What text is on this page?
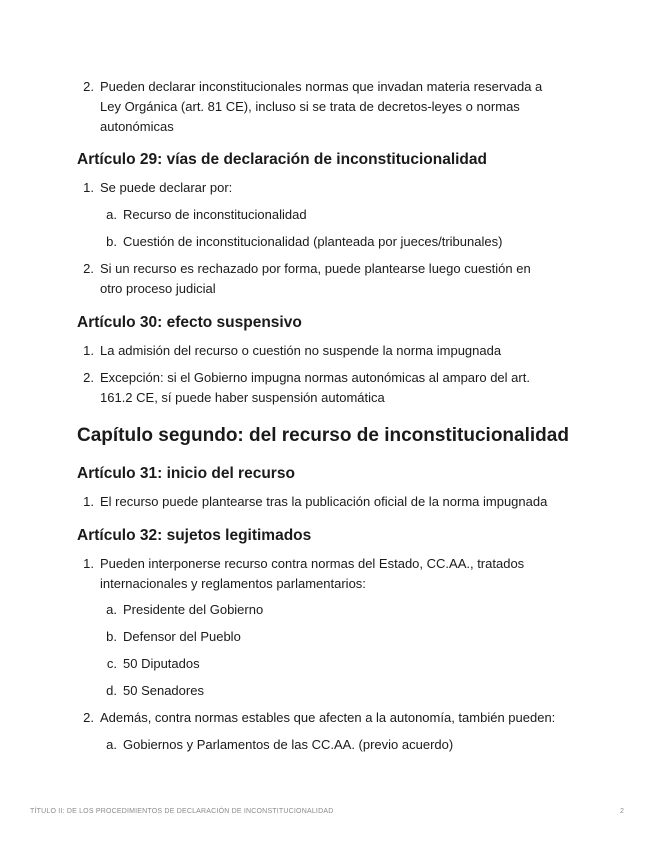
2. Pueden declarar inconstitucionales normas que invadan materia reservada a
Ley Orgánica (art. 81 CE), incluso si se trata de decretos-leyes o normas
autonómicas
Artículo 29: vías de declaración de inconstitucionalidad
1. Se puede declarar por:
a. Recurso de inconstitucionalidad
b. Cuestión de inconstitucionalidad (planteada por jueces/tribunales)
2. Si un recurso es rechazado por forma, puede plantearse luego cuestión en
otro proceso judicial
Artículo 30: efecto suspensivo
1. La admisión del recurso o cuestión no suspende la norma impugnada
2. Excepción: si el Gobierno impugna normas autonómicas al amparo del art.
161.2 CE, sí puede haber suspensión automática
Capítulo segundo: del recurso de inconstitucionalidad
Artículo 31: inicio del recurso
1. El recurso puede plantearse tras la publicación oficial de la norma impugnada
Artículo 32: sujetos legitimados
1. Pueden interponerse recurso contra normas del Estado, CC.AA., tratados
internacionales y reglamentos parlamentarios:
a. Presidente del Gobierno
b. Defensor del Pueblo
c. 50 Diputados
d. 50 Senadores
2. Además, contra normas estables que afecten a la autonomía, también pueden:
a. Gobiernos y Parlamentos de las CC.AA. (previo acuerdo)
TÍTULO II: DE LOS PROCEDIMIENTOS DE DECLARACIÓN DE INCONSTITUCIONALIDAD	2
